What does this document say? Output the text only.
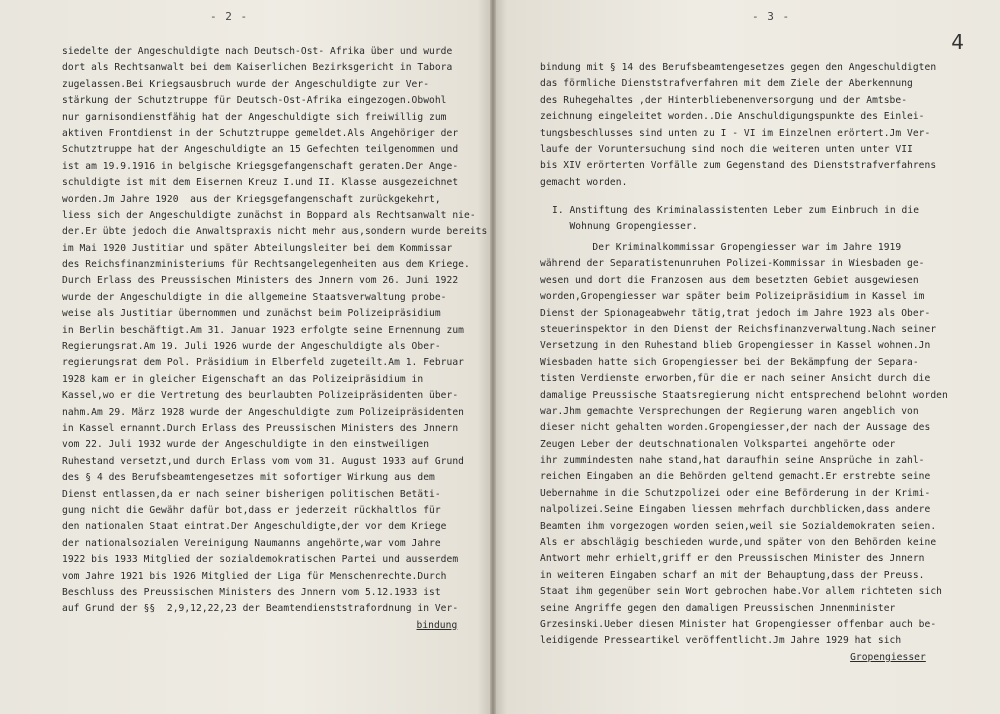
- 2 -
siedelte der Angeschuldigte nach Deutsch-Ost- Afrika über und wurde
dort als Rechtsanwalt bei dem Kaiserlichen Bezirksgericht in Tabora
zugelassen.Bei Kriegsausbruch wurde der Angeschuldigte zur Ver-
stärkung der Schutztruppe für Deutsch-Ost-Afrika eingezogen.Obwohl
nur garnisondienstfähig hat der Angeschuldigte sich freiwillig zum
aktiven Frontdienst in der Schutztruppe gemeldet.Als Angehöriger der
Schutztruppe hat der Angeschuldigte an 15 Gefechten teilgenommen und
ist am 19.9.1916 in belgische Kriegsgefangenschaft geraten.Der Ange-
schuldigte ist mit dem Eisernen Kreuz I.und II. Klasse ausgezeichnet
worden.Jm Jahre 1920  aus der Kriegsgefangenschaft zurückgekehrt,
liess sich der Angeschuldigte zunächst in Boppard als Rechtsanwalt nie-
der.Er übte jedoch die Anwaltspraxis nicht mehr aus,sondern wurde bereits
im Mai 1920 Justitiar und später Abteilungsleiter bei dem Kommissar
des Reichsfinanzministeriums für Rechtsangelegenheiten aus dem Kriege.
Durch Erlass des Preussischen Ministers des Jnnern vom 26. Juni 1922
wurde der Angeschuldigte in die allgemeine Staatsverwaltung probe-
weise als Justitiar übernommen und zunächst beim Polizeipräsidium
in Berlin beschäftigt.Am 31. Januar 1923 erfolgte seine Ernennung zum
Regierungsrat.Am 19. Juli 1926 wurde der Angeschuldigte als Ober-
regierungsrat dem Pol. Präsidium in Elberfeld zugeteilt.Am 1. Februar
1928 kam er in gleicher Eigenschaft an das Polizeipräsidium in
Kassel,wo er die Vertretung des beurlaubten Polizeipräsidenten über-
nahm.Am 29. März 1928 wurde der Angeschuldigte zum Polizeipräsidenten
in Kassel ernannt.Durch Erlass des Preussischen Ministers des Jnnern
vom 22. Juli 1932 wurde der Angeschuldigte in den einstweiligen
Ruhestand versetzt,und durch Erlass vom vom 31. August 1933 auf Grund
des § 4 des Berufsbeamtengesetzes mit sofortiger Wirkung aus dem
Dienst entlassen,da er nach seiner bisherigen politischen Betäti-
gung nicht die Gewähr dafür bot,dass er jederzeit rückhaltlos für
den nationalen Staat eintrat.Der Angeschuldigte,der vor dem Kriege
der nationalsozialen Vereinigung Naumanns angehörte,war vom Jahre
1922 bis 1933 Mitglied der sozialdemokratischen Partei und ausserdem
vom Jahre 1921 bis 1926 Mitglied der Liga für Menschenrechte.Durch
Beschluss des Preussischen Ministers des Jnnern vom 5.12.1933 ist
auf Grund der §§  2,9,12,22,23 der Beamtendienststrafordnung in Ver-
bindung
- 3 -
4
bindung mit § 14 des Berufsbeamtengesetzes gegen den Angeschuldigten
das förmliche Dienststrafverfahren mit dem Ziele der Aberkennung
des Ruhegehaltes ,der Hinterbliebenenversorgung und der Amtsbe-
zeichnung eingeleitet worden..Die Anschuldigungspunkte des Einlei-
tungsbeschlusses sind unten zu I - VI im Einzelnen erörtert.Jm Ver-
laufe der Voruntersuchung sind noch die weiteren unten unter VII
bis XIV erörterten Vorfälle zum Gegenstand des Dienststrafverfahrens
gemacht worden.
I. Anstiftung des Kriminalassistenten Leber zum Einbruch in die
Wohnung Gropengiesser.
Der Kriminalkommissar Gropengiesser war im Jahre 1919
während der Separatistenunruhen Polizei-Kommissar in Wiesbaden ge-
wesen und dort die Franzosen aus dem besetzten Gebiet ausgewiesen
worden,Gropengiesser war später beim Polizeipräsidium in Kassel im
Dienst der Spionageabwehr tätig,trat jedoch im Jahre 1923 als Ober-
steuerinspektor in den Dienst der Reichsfinanzverwaltung.Nach seiner
Versetzung in den Ruhestand blieb Gropengiesser in Kassel wohnen.Jn
Wiesbaden hatte sich Gropengiesser bei der Bekämpfung der Separa-
tisten Verdienste erworben,für die er nach seiner Ansicht durch die
damalige Preussische Staatsregierung nicht entsprechend belohnt worden
war.Jhm gemachte Versprechungen der Regierung waren angeblich von
dieser nicht gehalten worden.Gropengiesser,der nach der Aussage des
Zeugen Leber der deutschnationalen Volkspartei angehörte oder
ihr zummindesten nahe stand,hat daraufhin seine Ansprüche in zahl-
reichen Eingaben an die Behörden geltend gemacht.Er erstrebte seine
Uebernahme in die Schutzpolizei oder eine Beförderung in der Krimi-
nalpolizei.Seine Eingaben liessen mehrfach durchblicken,dass andere
Beamten ihm vorgezogen worden seien,weil sie Sozialdemokraten seien.
Als er abschlägig beschieden wurde,und später von den Behörden keine
Antwort mehr erhielt,griff er den Preussischen Minister des Jnnern
in weiteren Eingaben scharf an mit der Behauptung,dass der Preuss.
Staat ihm gegenüber sein Wort gebrochen habe.Vor allem richteten sich
seine Angriffe gegen den damaligen Preussischen Jnnenminister
Grzesinski.Ueber diesen Minister hat Gropengiesser offenbar auch be-
leidigende Presseartikel veröffentlicht.Jm Jahre 1929 hat sich
Gropengiesser
